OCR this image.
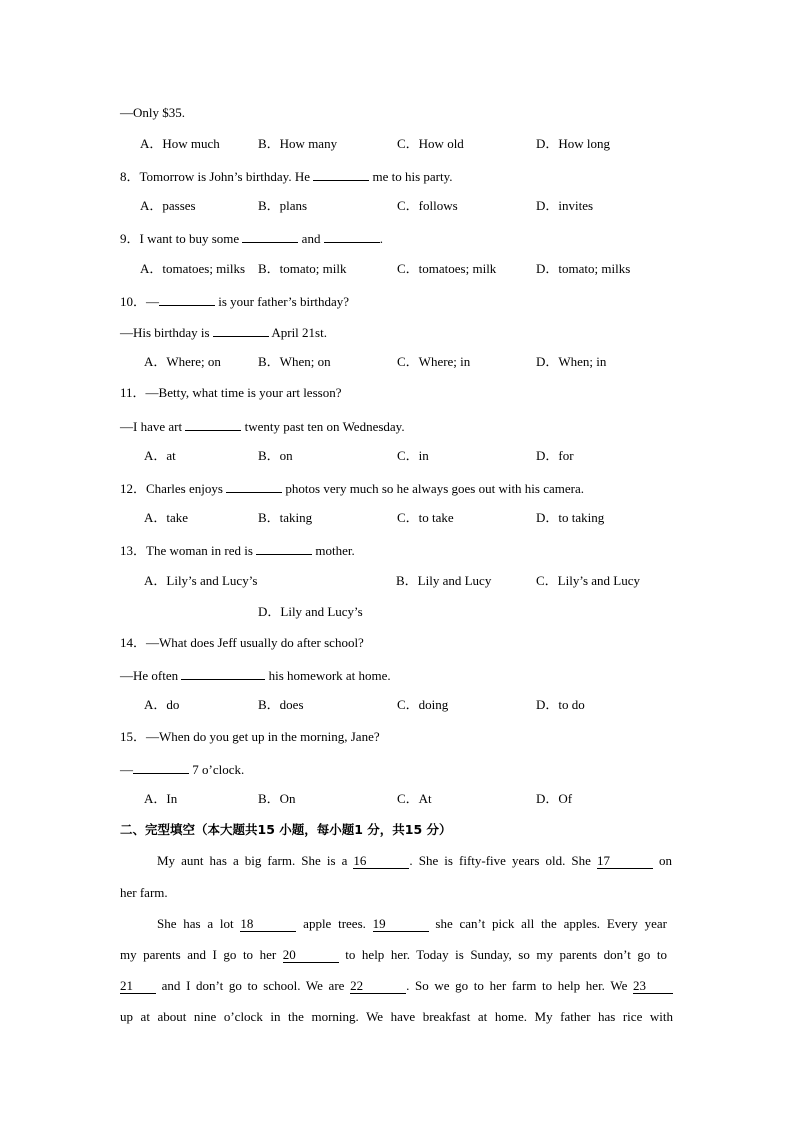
—Only $35.
A．How much	B．How many	C．How old	D．How long
8．Tomorrow is John’s birthday. He	me to his party.
A．passes	B．plans	C．follows	D．invites
9．I want to buy some	and	.
A．tomatoes; milks B．tomato; milk	C．tomatoes; milk	D．tomato; milks
10．—	is your father’s birthday?
—His birthday is	April 21st.
A．Where; on	B．When; on	C．Where; in	D．When; in
11．—Betty, what time is your art lesson?
—I have art	twenty past ten on Wednesday.
A．at	B．on	C．in	D．for
12．Charles enjoys	photos very much so he always goes out with his camera.
A．take	B．taking	C．to take	D．to taking
13．The woman in red is	mother.
A．Lily’s and Lucy’s	B．Lily and Lucy	C．Lily’s and Lucy
D．Lily and Lucy’s
14．—What does Jeff usually do after school?
—He often	his homework at home.
A．do	B．does	C．doing	D．to do
15．—When do you get up in the morning, Jane?
—	7 o’clock.
A．In	B．On	C．At	D．Of
二、完型填空（本大题共15 小题，每小题1 分，共15 分）
My aunt has a big farm. She is a 16	. She is fifty-five years old. She 17	on
her farm.
She has a lot 18	apple trees. 19	she can’t pick all the apples. Every year
my parents and I go to her 20	to help her. Today is Sunday, so my parents don’t go to
21 and I don’t go to school. We are 22	. So we go to her farm to help her. We 23
up at about nine o’clock in the morning. We have breakfast at home. My father has rice with
